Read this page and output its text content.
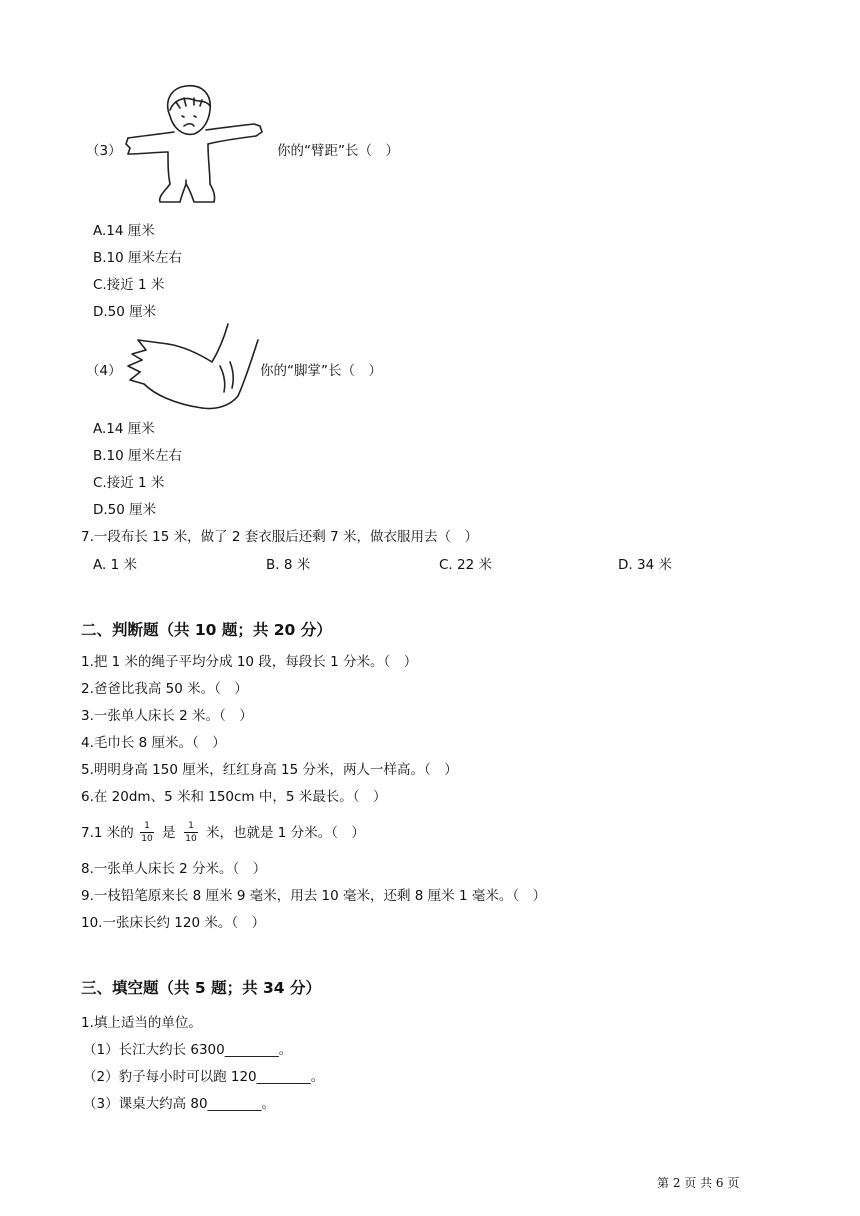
（3）	你的“臂距”长（　）
A.14 厘米
B.10 厘米左右
C.接近 1 米
D.50 厘米
（4）	你的“脚掌”长（　）
A.14 厘米
B.10 厘米左右
C.接近 1 米
D.50 厘米
7.一段布长 15 米，做了 2 套衣服后还剩 7 米，做衣服用去（　）
A. 1 米	B. 8 米	C. 22 米	D. 34 米
二、判断题（共 10 题；共 20 分）
1.把 1 米的绳子平均分成 10 段，每段长 1 分米。（　）
2.爸爸比我高 50 米。（　）
3.一张单人床长 2 米。（　）
4.毛巾长 8 厘米。（　）
5.明明身高 150 厘米，红红身高 15 分米，两人一样高。（　）
6.在 20dm、5 米和 150cm 中，5 米最长。（　）
7.1 米的	1
10 是	1
10 米，也就是 1 分米。（　）
8.一张单人床长 2 分米。（　）
9.一枝铅笔原来长 8 厘米 9 毫米，用去 10 毫米，还剩 8 厘米 1 毫米。（　）
10.一张床长约 120 米。（　）
三、填空题（共 5 题；共 34 分）
1.填上适当的单位。
（1）长江大约长 6300________。
（2）豹子每小时可以跑 120________。
（3）课桌大约高 80________。
第 2 页 共 6 页
